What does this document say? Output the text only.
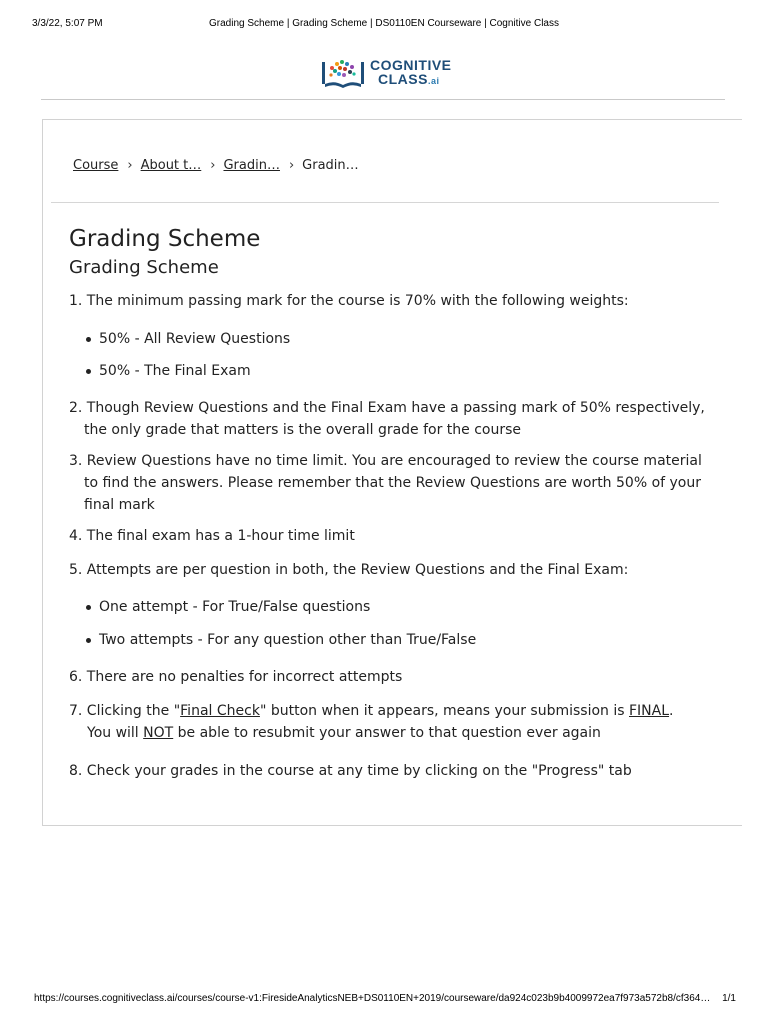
3/3/22, 5:07 PM	Grading Scheme | Grading Scheme | DS0110EN Courseware | Cognitive Class
COGNITIVE
CLASS.ai
Course › About t… › Gradin… › Gradin…
Grading Scheme
Grading Scheme

1. The minimum passing mark for the course is 70% with the following weights:

50% - All Review Questions
50% - The Final Exam

2. Though Review Questions and the Final Exam have a passing mark of 50% respectively, the only grade that matters is the overall grade for the course

3. Review Questions have no time limit. You are encouraged to review the course material to find the answers. Please remember that the Review Questions are worth 50% of your final mark

4. The final exam has a 1-hour time limit

5. Attempts are per question in both, the Review Questions and the Final Exam:

One attempt - For True/False questions
Two attempts - For any question other than True/False

6. There are no penalties for incorrect attempts

7. Clicking the "Final Check" button when it appears, means your submission is FINAL.
You will NOT be able to resubmit your answer to that question ever again

8. Check your grades in the course at any time by clicking on the "Progress" tab

https://courses.cognitiveclass.ai/courses/course-v1:FiresideAnalyticsNEB+DS0110EN+2019/courseware/da924c023b9b4009972ea7f973a572b8/cf364… 1/1
